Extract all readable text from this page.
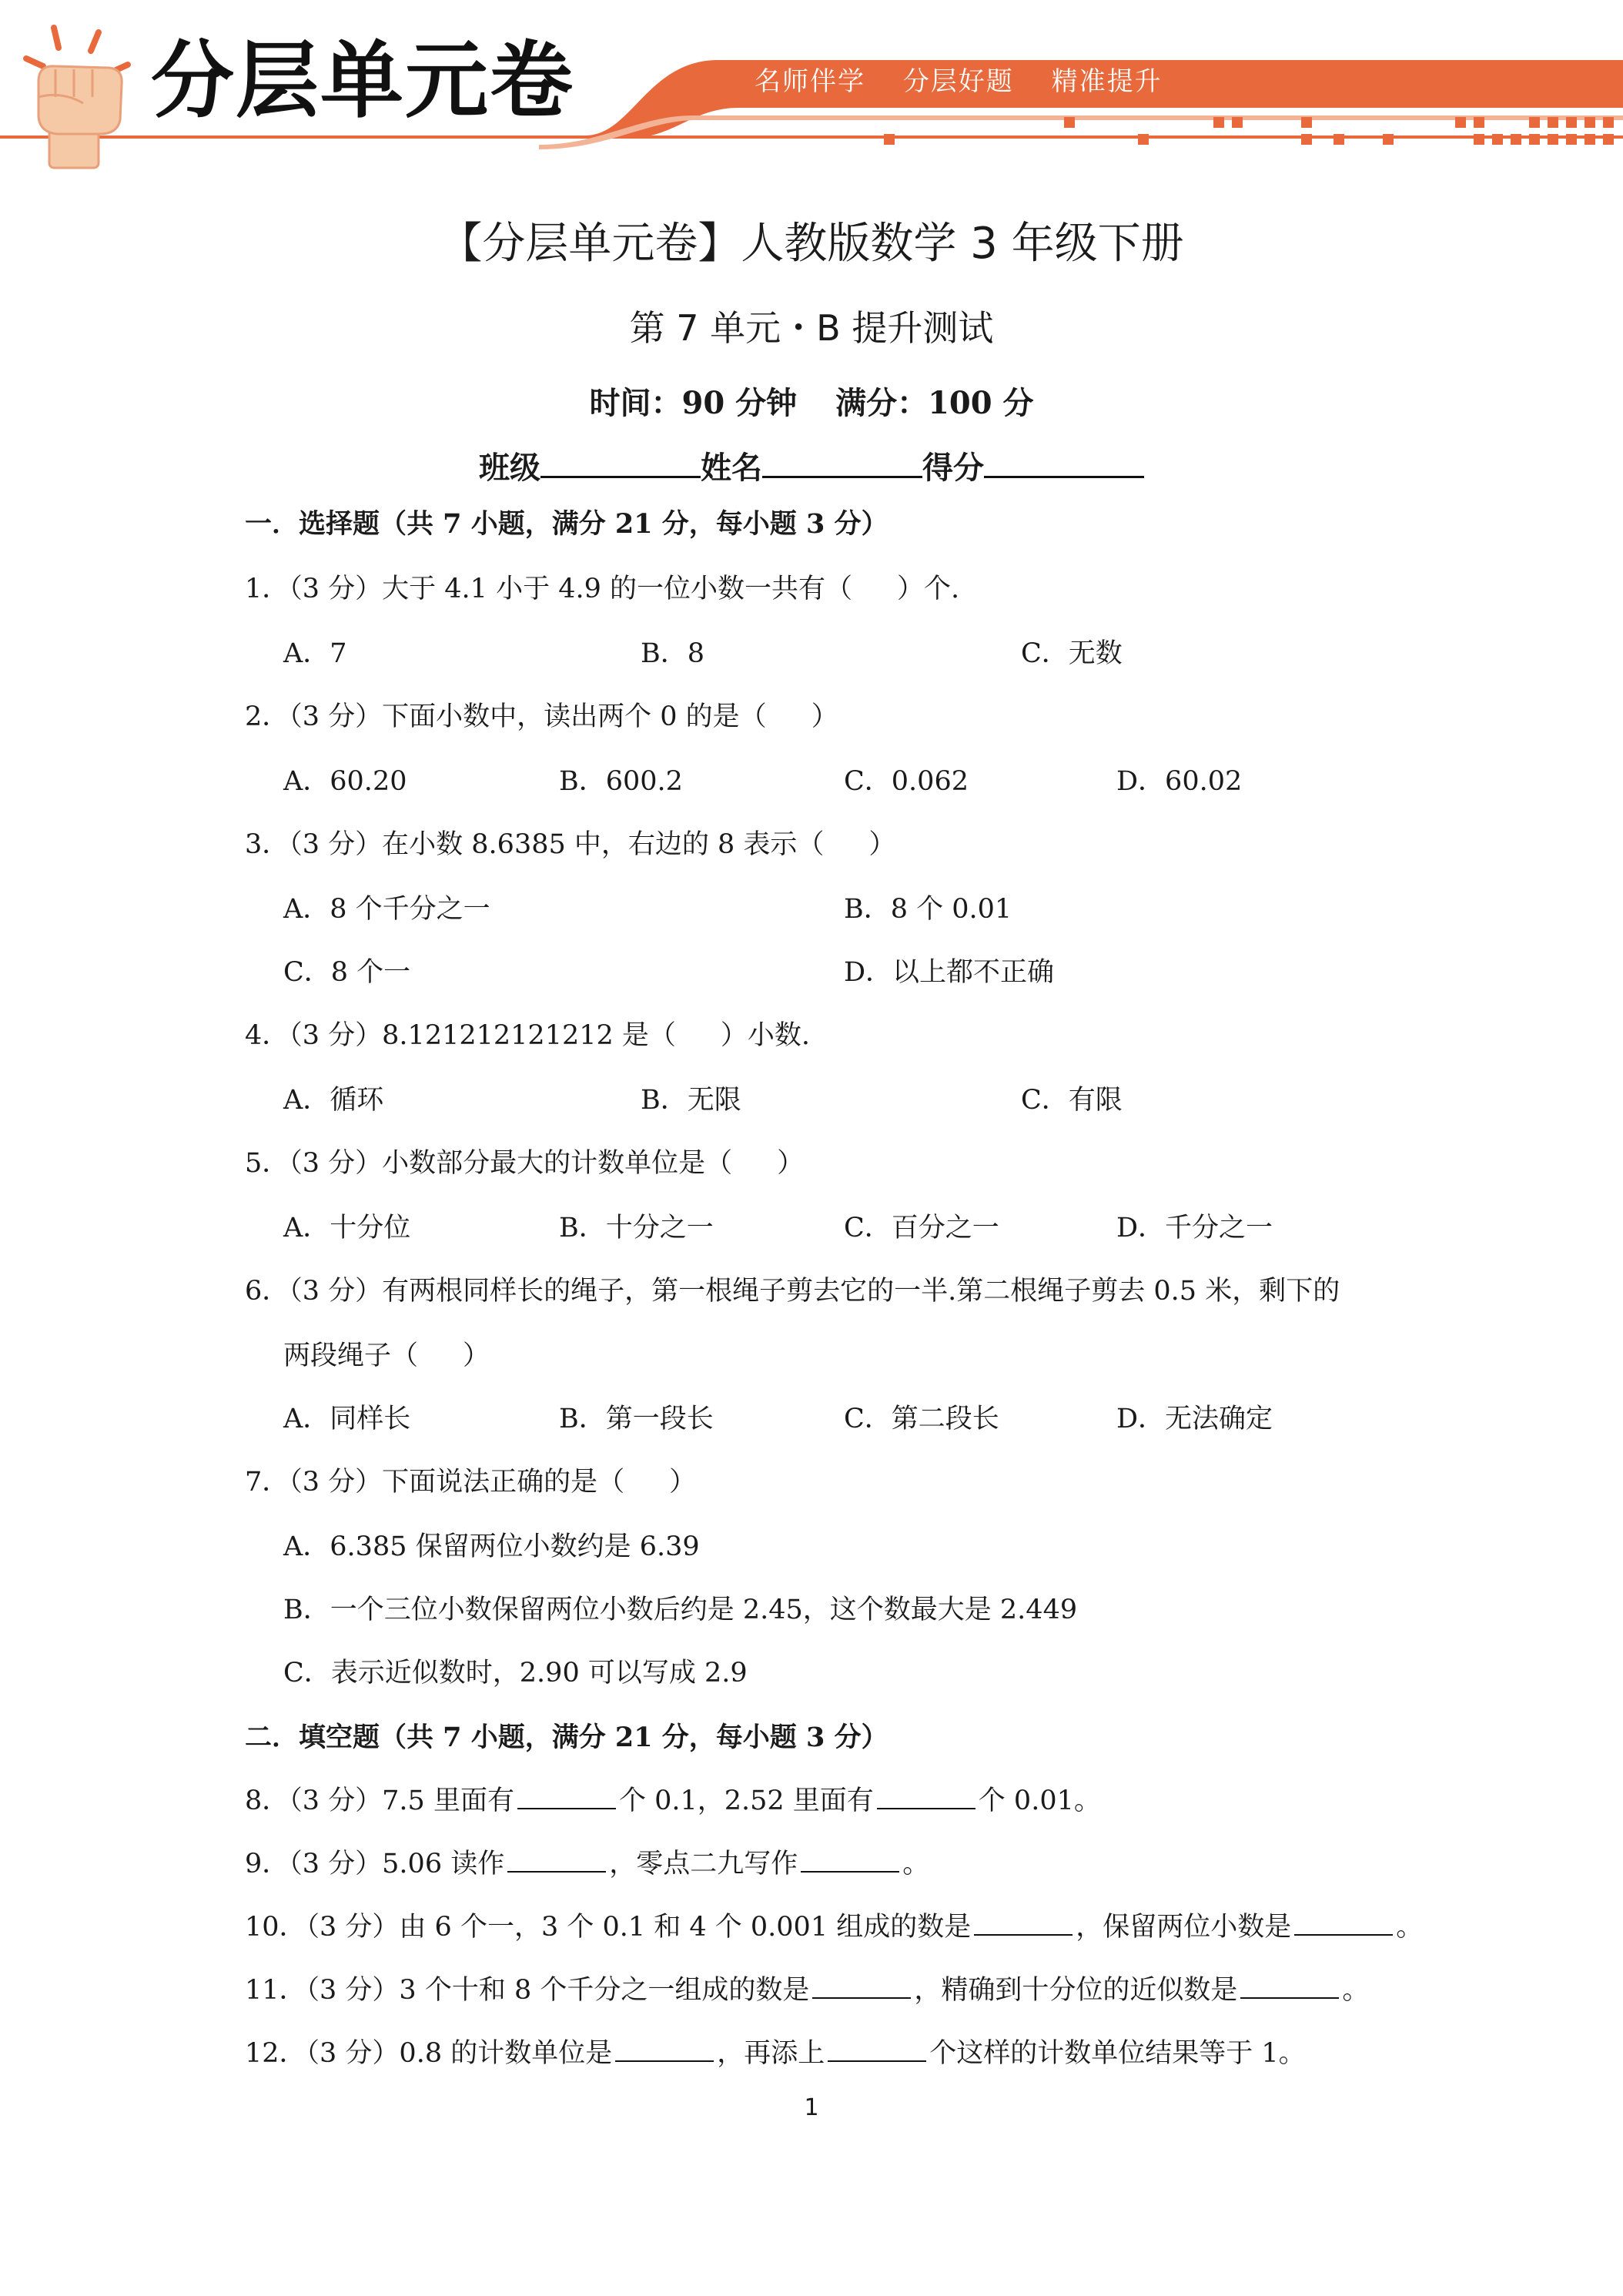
分层单元卷	名师伴学 分层好题 精准提升
【分层单元卷】人教版数学 3 年级下册
第 7 单元・B 提升测试
时间：90 分钟 满分：100 分
班级	姓名	得分
一．选择题（共 7 小题，满分 21 分，每小题 3 分）
1．（3 分）大于 4.1 小于 4.9 的一位小数一共有（ ）个.
A．7	B．8	C．无数
2．（3 分）下面小数中，读出两个 0 的是（ ）
A．60.20	B．600.2	C．0.062	D．60.02
3．（3 分）在小数 8.6385 中，右边的 8 表示（ ）
A．8 个千分之一	B．8 个 0.01
C．8 个一	D．以上都不正确
4．（3 分）8.121212121212 是（ ）小数.
A．循环	B．无限	C．有限
5．（3 分）小数部分最大的计数单位是（ ）
A．十分位	B．十分之一	C．百分之一	D．千分之一
6．（3 分）有两根同样长的绳子，第一根绳子剪去它的一半.第二根绳子剪去 0.5 米，剩下的
两段绳子（ ）
A．同样长	B．第一段长	C．第二段长	D．无法确定
7．（3 分）下面说法正确的是（ ）
A．6.385 保留两位小数约是 6.39
B．一个三位小数保留两位小数后约是 2.45，这个数最大是 2.449
C．表示近似数时，2.90 可以写成 2.9
二．填空题（共 7 小题，满分 21 分，每小题 3 分）
8．（3 分）7.5 里面有	个 0.1，2.52 里面有	个 0.01。
9．（3 分）5.06 读作	，零点二九写作	。
10．（3 分）由 6 个一，3 个 0.1 和 4 个 0.001 组成的数是	，保留两位小数是	。
11．（3 分）3 个十和 8 个千分之一组成的数是	，精确到十分位的近似数是	。
12．（3 分）0.8 的计数单位是	，再添上	个这样的计数单位结果等于 1。
1
